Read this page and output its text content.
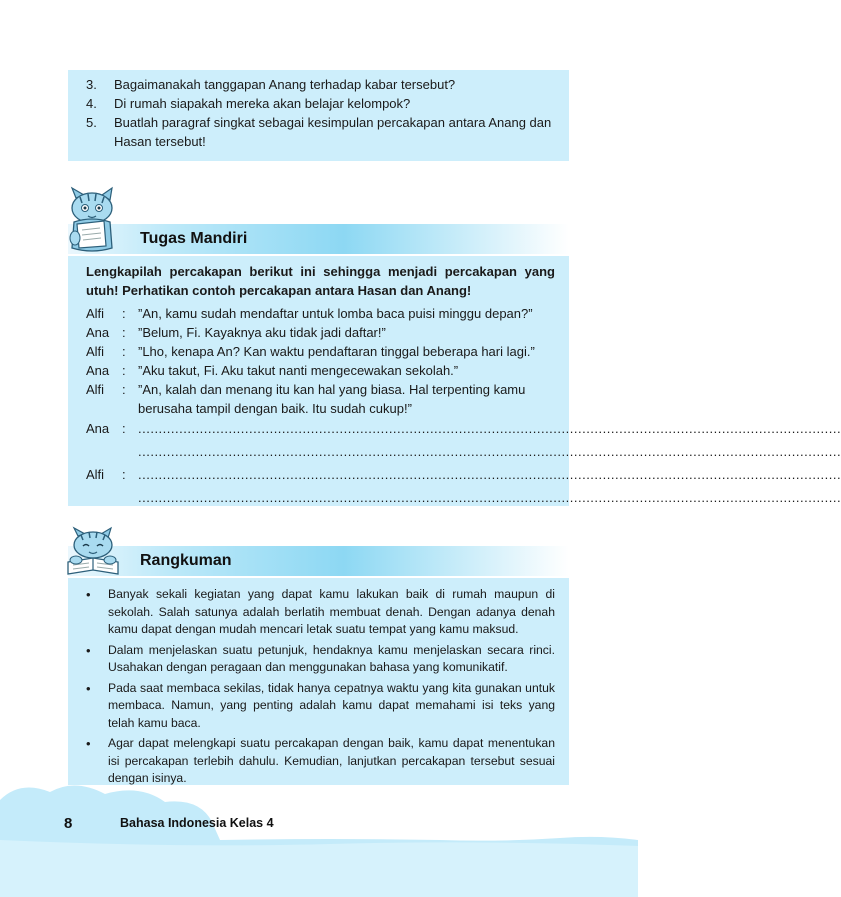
3.	Bagaimanakah tanggapan Anang terhadap kabar tersebut?
4.	Di rumah siapakah mereka akan belajar kelompok?
5.	Buatlah paragraf singkat sebagai kesimpulan percakapan antara Anang dan Hasan tersebut!
Tugas Mandiri
Lengkapilah percakapan berikut ini sehingga menjadi percakapan yang utuh! Perhatikan contoh percakapan antara Hasan dan Anang!
Alfi	: ”An, kamu sudah mendaftar untuk lomba baca puisi minggu depan?”
Ana : ”Belum, Fi. Kayaknya aku tidak jadi daftar!”
Alfi	: ”Lho, kenapa An? Kan waktu pendaftaran tinggal beberapa hari lagi.”
Ana : ”Aku takut, Fi. Aku takut nanti mengecewakan sekolah.”
Alfi	: ”An, kalah dan menang itu kan hal yang biasa. Hal terpenting kamu berusaha tampil dengan baik. Itu sudah cukup!”
Ana : ...........................................................................................................................................................................
...........................................................................................................................................................................
Alfi	: ...........................................................................................................................................................................
...........................................................................................................................................................................
Rangkuman
•	Banyak sekali kegiatan yang dapat kamu lakukan baik di rumah maupun di sekolah. Salah satunya adalah berlatih membuat denah. Dengan adanya denah kamu dapat dengan mudah mencari letak suatu tempat yang kamu maksud.
•	Dalam menjelaskan suatu petunjuk, hendaknya kamu menjelaskan secara rinci. Usahakan dengan peragaan dan menggunakan bahasa yang komunikatif.
•	Pada saat membaca sekilas, tidak hanya cepatnya waktu yang kita gunakan untuk membaca. Namun, yang penting adalah kamu dapat memahami isi teks yang telah kamu baca.
•	Agar dapat melengkapi suatu percakapan dengan baik, kamu dapat menentukan isi percakapan terlebih dahulu. Kemudian, lanjutkan percakapan tersebut sesuai dengan isinya.
8	Bahasa Indonesia Kelas 4
